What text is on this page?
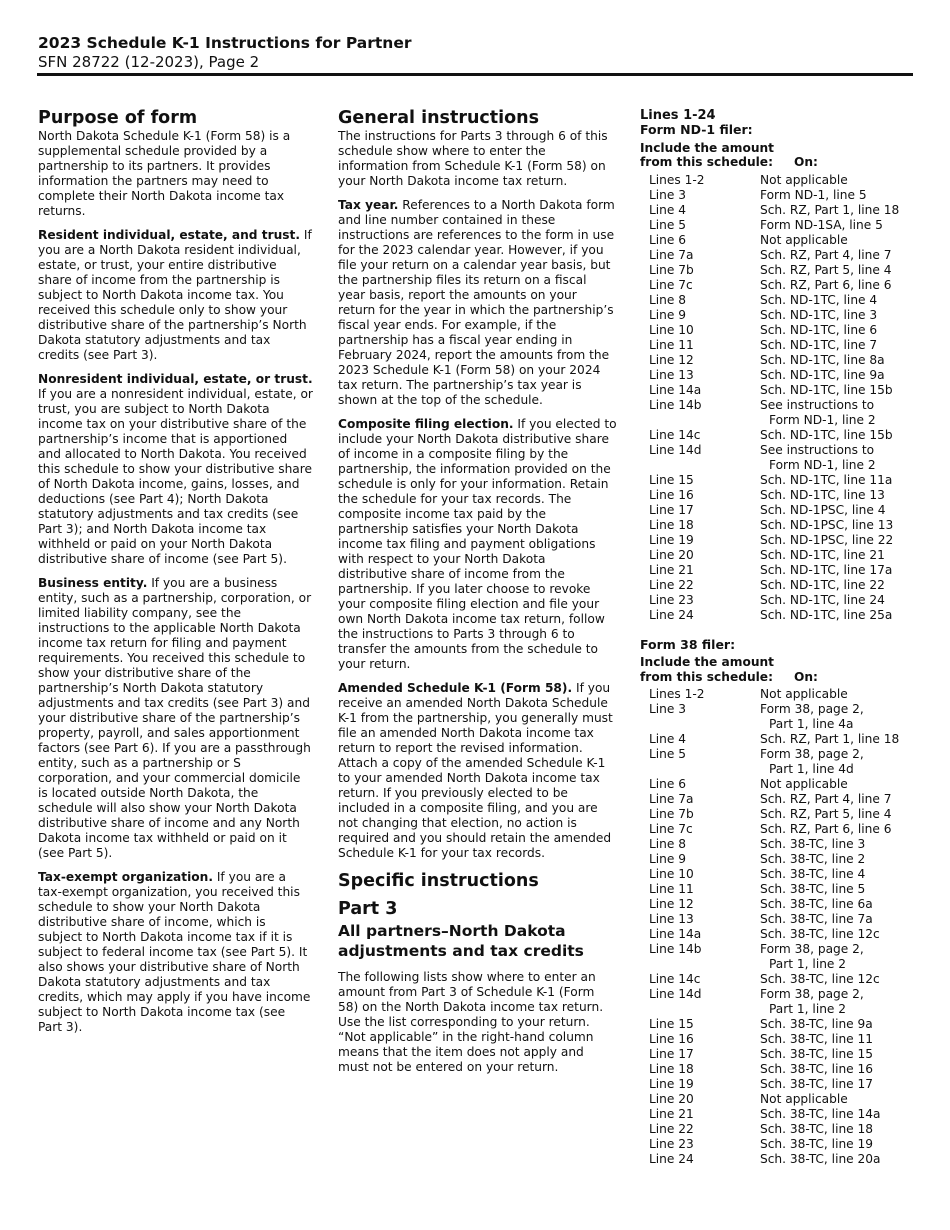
2023 Schedule K-1 Instructions for Partner
SFN 28722 (12-2023), Page 2
Purpose of form

North Dakota Schedule K-1 (Form 58) is a supplemental schedule provided by a partnership to its partners. It provides information the partners may need to complete their North Dakota income tax returns.

Resident individual, estate, and trust. If you are a North Dakota resident individual, estate, or trust, your entire distributive share of income from the partnership is subject to North Dakota income tax. You received this schedule only to show your distributive share of the partnership’s North Dakota statutory adjustments and tax credits (see Part 3).

Nonresident individual, estate, or trust. If you are a nonresident individual, estate, or trust, you are subject to North Dakota income tax on your distributive share of the partnership’s income that is apportioned and allocated to North Dakota. You received this schedule to show your distributive share of North Dakota income, gains, losses, and deductions (see Part 4); North Dakota statutory adjustments and tax credits (see Part 3); and North Dakota income tax withheld or paid on your North Dakota distributive share of income (see Part 5).

Business entity. If you are a business entity, such as a partnership, corporation, or limited liability company, see the instructions to the applicable North Dakota income tax return for filing and payment requirements. You received this schedule to show your distributive share of the partnership’s North Dakota statutory adjustments and tax credits (see Part 3) and your distributive share of the partnership’s property, payroll, and sales apportionment factors (see Part 6). If you are a passthrough entity, such as a partnership or S corporation, and your commercial domicile is located outside North Dakota, the schedule will also show your North Dakota distributive share of income and any North Dakota income tax withheld or paid on it (see Part 5).

Tax-exempt organization. If you are a tax-exempt organization, you received this schedule to show your North Dakota distributive share of income, which is subject to North Dakota income tax if it is subject to federal income tax (see Part 5). It also shows your distributive share of North Dakota statutory adjustments and tax credits, which may apply if you have income subject to North Dakota income tax (see Part 3).

General instructions

The instructions for Parts 3 through 6 of this schedule show where to enter the information from Schedule K-1 (Form 58) on your North Dakota income tax return.

Tax year. References to a North Dakota form and line number contained in these instructions are references to the form in use for the 2023 calendar year. However, if you file your return on a calendar year basis, but the partnership files its return on a fiscal year basis, report the amounts on your return for the year in which the partnership’s fiscal year ends. For example, if the partnership has a fiscal year ending in February 2024, report the amounts from the 2023 Schedule K-1 (Form 58) on your 2024 tax return. The partnership’s tax year is shown at the top of the schedule.

Composite filing election. If you elected to include your North Dakota distributive share of income in a composite filing by the partnership, the information provided on the schedule is only for your information. Retain the schedule for your tax records. The composite income tax paid by the partnership satisfies your North Dakota income tax filing and payment obligations with respect to your North Dakota distributive share of income from the partnership. If you later choose to revoke your composite filing election and file your own North Dakota income tax return, follow the instructions to Parts 3 through 6 to transfer the amounts from the schedule to your return.

Amended Schedule K-1 (Form 58). If you receive an amended North Dakota Schedule K-1 from the partnership, you generally must file an amended North Dakota income tax return to report the revised information. Attach a copy of the amended Schedule K-1 to your amended North Dakota income tax return. If you previously elected to be included in a composite filing, and you are not changing that election, no action is required and you should retain the amended Schedule K-1 for your tax records.

Specific instructions
Part 3
All partners–North Dakota
adjustments and tax credits

The following lists show where to enter an amount from Part 3 of Schedule K-1 (Form 58) on the North Dakota income tax return. Use the list corresponding to your return. “Not applicable” in the right-hand column means that the item does not apply and must not be entered on your return.

Lines 1-24
Form ND-1 filer:
Include the amount
from this schedule: On:
Lines 1-2	Not applicable
Line 3	Form ND-1, line 5
Line 4	Sch. RZ, Part 1, line 18
Line 5	Form ND-1SA, line 5
Line 6	Not applicable
Line 7a	Sch. RZ, Part 4, line 7
Line 7b	Sch. RZ, Part 5, line 4
Line 7c	Sch. RZ, Part 6, line 6
Line 8	Sch. ND-1TC, line 4
Line 9	Sch. ND-1TC, line 3
Line 10	Sch. ND-1TC, line 6
Line 11	Sch. ND-1TC, line 7
Line 12	Sch. ND-1TC, line 8a
Line 13	Sch. ND-1TC, line 9a
Line 14a	Sch. ND-1TC, line 15b
Line 14b	See instructions to
Form ND-1, line 2
Line 14c	Sch. ND-1TC, line 15b
Line 14d	See instructions to
Form ND-1, line 2
Line 15	Sch. ND-1TC, line 11a
Line 16	Sch. ND-1TC, line 13
Line 17	Sch. ND-1PSC, line 4
Line 18	Sch. ND-1PSC, line 13
Line 19	Sch. ND-1PSC, line 22
Line 20	Sch. ND-1TC, line 21
Line 21	Sch. ND-1TC, line 17a
Line 22	Sch. ND-1TC, line 22
Line 23	Sch. ND-1TC, line 24
Line 24	Sch. ND-1TC, line 25a
Form 38 filer:
Include the amount
from this schedule: On:
Lines 1-2	Not applicable
Line 3	Form 38, page 2,
Part 1, line 4a
Line 4	Sch. RZ, Part 1, line 18
Line 5	Form 38, page 2,
Part 1, line 4d
Line 6	Not applicable
Line 7a	Sch. RZ, Part 4, line 7
Line 7b	Sch. RZ, Part 5, line 4
Line 7c	Sch. RZ, Part 6, line 6
Line 8	Sch. 38-TC, line 3
Line 9	Sch. 38-TC, line 2
Line 10	Sch. 38-TC, line 4
Line 11	Sch. 38-TC, line 5
Line 12	Sch. 38-TC, line 6a
Line 13	Sch. 38-TC, line 7a
Line 14a	Sch. 38-TC, line 12c
Line 14b	Form 38, page 2,
Part 1, line 2
Line 14c	Sch. 38-TC, line 12c
Line 14d	Form 38, page 2,
Part 1, line 2
Line 15	Sch. 38-TC, line 9a
Line 16	Sch. 38-TC, line 11
Line 17	Sch. 38-TC, line 15
Line 18	Sch. 38-TC, line 16
Line 19	Sch. 38-TC, line 17
Line 20	Not applicable
Line 21	Sch. 38-TC, line 14a
Line 22	Sch. 38-TC, line 18
Line 23	Sch. 38-TC, line 19
Line 24	Sch. 38-TC, line 20a
